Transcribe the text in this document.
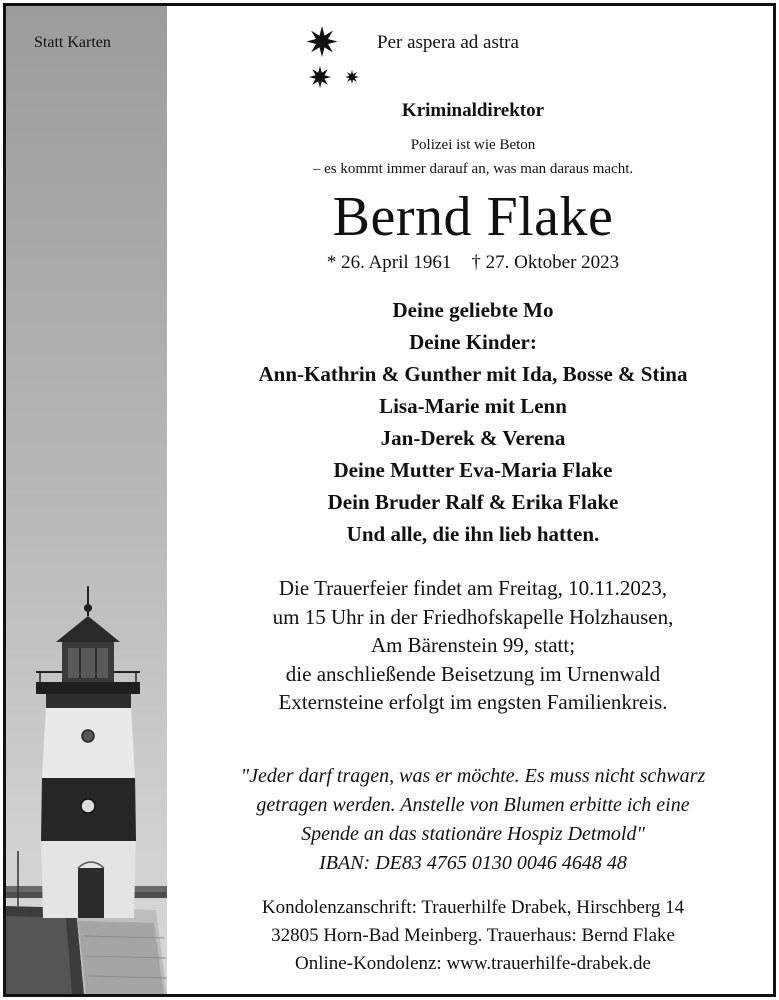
Statt Karten	Per aspera ad astra
Kriminaldirektor
Polizei ist wie Beton
– es kommt immer darauf an, was man daraus macht.
Bernd Flake
* 26. April 1961 † 27. Oktober 2023
Deine geliebte Mo
Deine Kinder:
Ann-Kathrin & Gunther mit Ida, Bosse & Stina
Lisa-Marie mit Lenn
Jan-Derek & Verena
Deine Mutter Eva-Maria Flake
Dein Bruder Ralf & Erika Flake
Und alle, die ihn lieb hatten.
Die Trauerfeier findet am Freitag, 10.11.2023,
um 15 Uhr in der Friedhofskapelle Holzhausen,
Am Bärenstein 99, statt;
die anschließende Beisetzung im Urnenwald
Externsteine erfolgt im engsten Familienkreis.
"Jeder darf tragen, was er möchte. Es muss nicht schwarz
getragen werden. Anstelle von Blumen erbitte ich eine
Spende an das stationäre Hospiz Detmold"
IBAN: DE83 4765 0130 0046 4648 48
Kondolenzanschrift: Trauerhilfe Drabek, Hirschberg 14
32805 Horn-Bad Meinberg. Trauerhaus: Bernd Flake
Online-Kondolenz: www.trauerhilfe-drabek.de
